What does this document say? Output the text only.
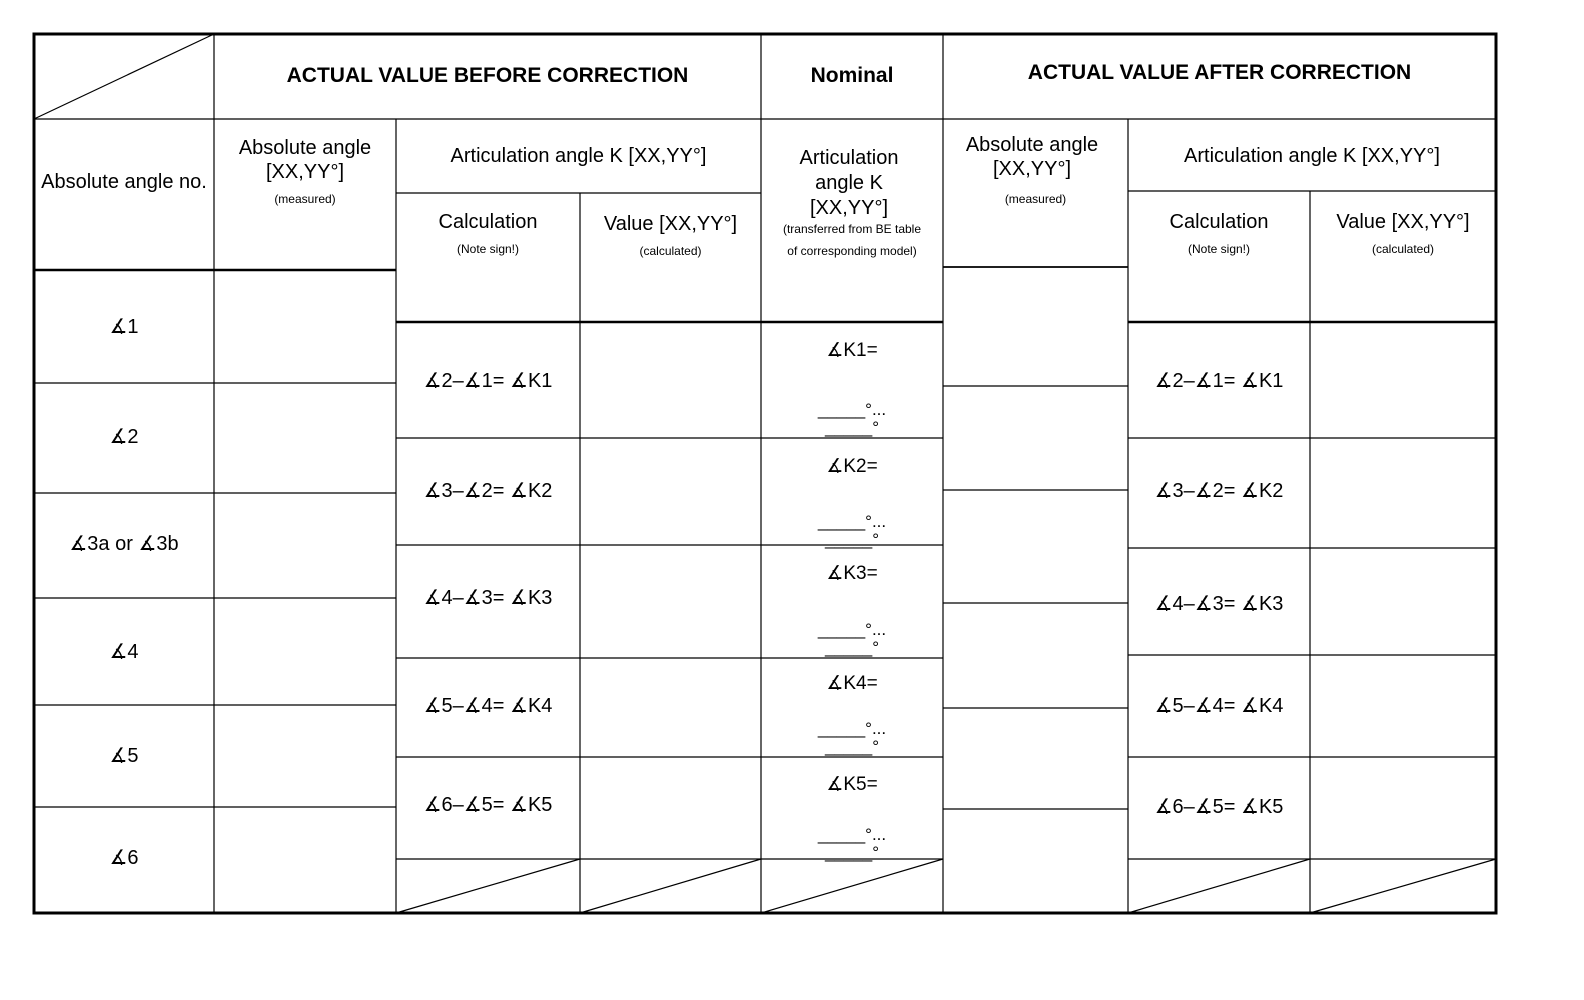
ACTUAL VALUE BEFORE CORRECTION	Nominal	ACTUAL VALUE AFTER CORRECTION
Absolute angle no.
Absolute angle
[XX,YY°]
(measured)
Articulation angle K [XX,YY°]
Calculation
(Note sign!)
Value [XX,YY°]
(calculated)
Articulation
angle K
[XX,YY°]
(transferred from BE table
of corresponding model)
Absolute angle
[XX,YY°]
(measured)
Articulation angle K [XX,YY°]
Calculation
(Note sign!)
Value [XX,YY°]
(calculated)
∡1
∡2
∡3a or ∡3b
∡4
∡5
∡6
∡2–∡1= ∡K1
∡3–∡2= ∡K2
∡4–∡3= ∡K3
∡5–∡4= ∡K4
∡6–∡5= ∡K5
∡K1=
_____°...
_____°
∡K2=
_____°...
_____°
∡K3=
_____°...
_____°
∡K4=
_____°...
_____°
∡K5=
_____°...
_____°
∡2–∡1= ∡K1
∡3–∡2= ∡K2
∡4–∡3= ∡K3
∡5–∡4= ∡K4
∡6–∡5= ∡K5
